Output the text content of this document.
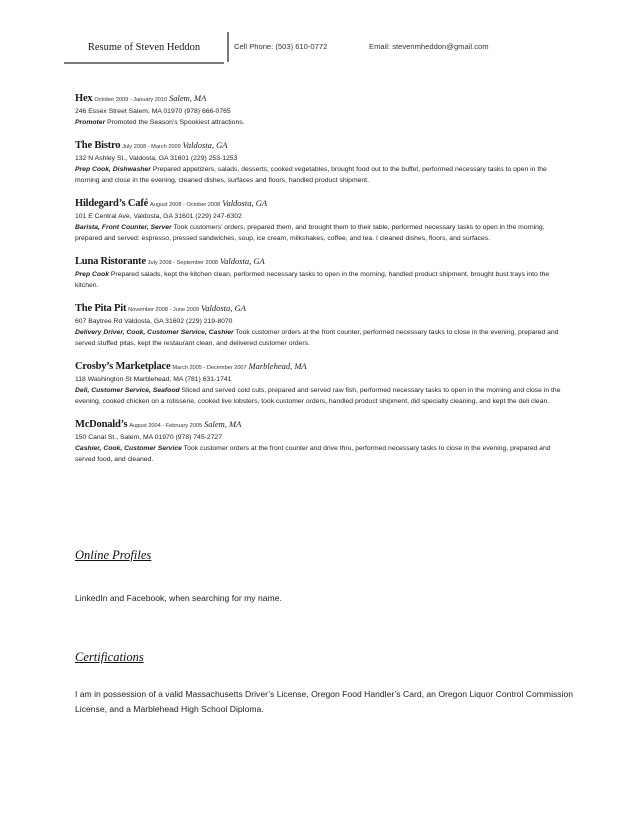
Resume of Steven Heddon	Cell Phone: (503) 610-0772	Email: stevenmheddon@gmail.com
Hex October 2009 - January 2010 Salem, MA
246 Essex Street Salem, MA 01970 (978) 666-0765
Promoter Promoted the Season’s Spookiest attractions.
The Bistro July 2008 - March 2009 Valdosta, GA
132 N Ashley St., Valdosta, GA 31601 (229) 253-1253
Prep Cook, Dishwasher Prepared appetizers, salads, desserts; cooked vegetables, brought food out to the buffet, performed necessary tasks to open in the morning and close in the evening, cleaned dishes, surfaces and floors, handled product shipment.
Hildegard’s Café August 2008 - October 2008 Valdosta, GA
101 E Central Ave, Valdosta, GA 31601 (229) 247-6302
Barista, Front Counter, Server Took customers’ orders, prepared them, and brought them to their table, performed necessary tasks to open in the morning, prepared and served: espresso, pressed sandwiches, soup, ice cream, milkshakes, coffee, and tea. I cleaned dishes, floors, and surfaces.
Luna Ristorante July 2008 - September 2008 Valdosta, GA
Prep Cook Prepared salads, kept the kitchen clean, performed necessary tasks to open in the morning, handled product shipment, brought bust trays into the kitchen.
The Pita Pit November 2008 - June 2009 Valdosta, GA
607 Baytree Rd Valdosta, GA 31602 (229) 219-8070
Delivery Driver, Cook, Customer Service, Cashier Took customer orders at the front counter, performed necessary tasks to close in the evening, prepared and served stuffed pitas, kept the restaurant clean, and delivered customer orders.
Crosby’s Marketplace March 2005 - December 2007 Marblehead, MA
118 Washington St Marblehead, MA (781) 631-1741
Deli, Customer Service, Seafood Sliced and served cold cuts, prepared and served raw fish, performed necessary tasks to open in the morning and close in the evening, cooked chicken on a rotisserie, cooked live lobsters, took customer orders, handled product shipment, did specialty cleaning, and kept the deli clean.
McDonald’s August 2004 - February 2005 Salem, MA
150 Canal St., Salem, MA 01970 (978) 745-2727
Cashier, Cook, Customer Service Took customer orders at the front counter and drive thru, performed necessary tasks to close in the evening, prepared and served food, and cleaned.
Online Profiles
LinkedIn and Facebook, when searching for my name.
Certifications
I am in possession of a valid Massachusetts Driver’s License, Oregon Food Handler’s Card, an Oregon Liquor Control Commission License, and a Marblehead High School Diploma.
